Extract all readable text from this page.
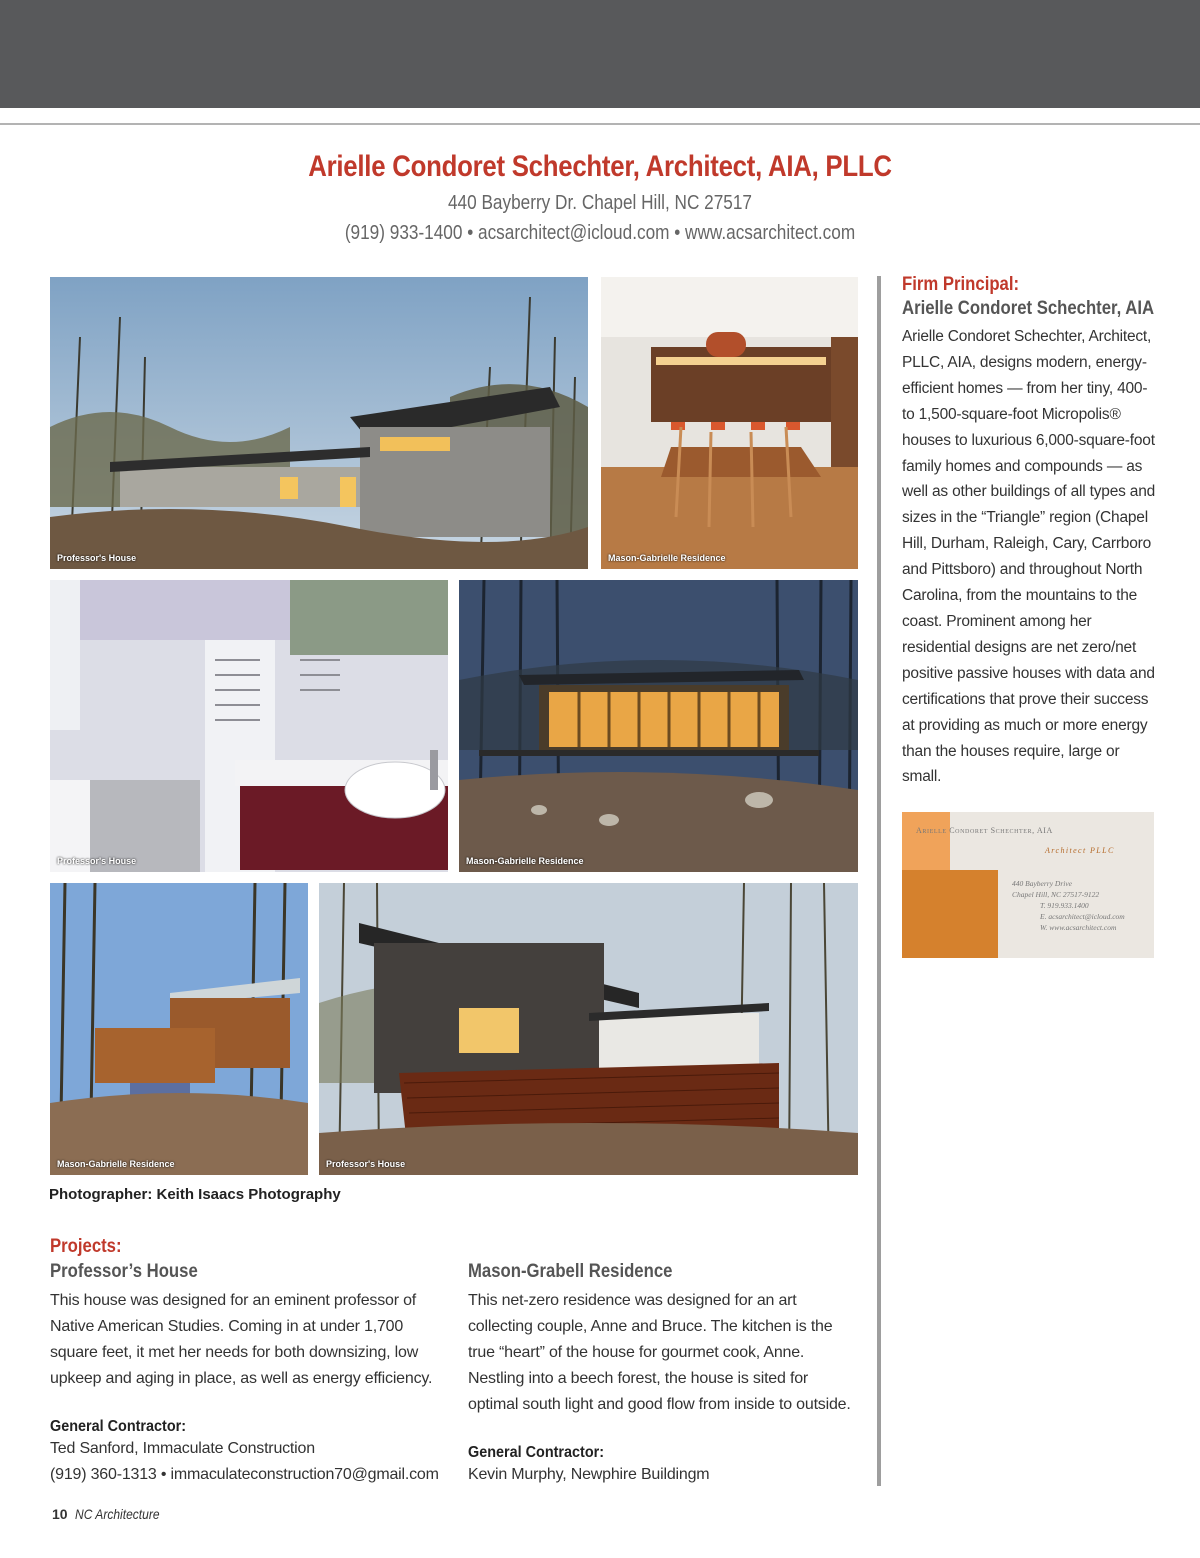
Arielle Condoret Schechter, Architect, AIA, PLLC
440 Bayberry Dr. Chapel Hill, NC 27517
(919) 933-1400 • acsarchitect@icloud.com • www.acsarchitect.com
Professor's House	Mason-Gabrielle Residence
Professor's House	Mason-Gabrielle Residence
Mason-Gabrielle Residence	Professor's House
Photographer: Keith Isaacs Photography
Firm Principal:
Arielle Condoret Schechter, AIA

Arielle Condoret Schechter, Architect, PLLC, AIA, designs modern, energy-efficient homes — from her tiny, 400- to 1,500-square-foot Micropolis® houses to luxurious 6,000-square-foot family homes and compounds — as well as other buildings of all types and sizes in the “Triangle” region (Chapel Hill, Durham, Raleigh, Cary, Carrboro and Pittsboro) and throughout North Carolina, from the mountains to the coast. Prominent among her residential designs are net zero/net positive passive houses with data and certifications that prove their success at providing as much or more energy than the houses require, large or small.

Arielle Condoret Schechter, AIA
Architect PLLC
440 Bayberry Drive
Chapel Hill, NC 27517-9122

T. 919.933.1400
E. acsarchitect@icloud.com
W. www.acsarchitect.com
Projects:
Professor’s House

This house was designed for an eminent professor of Native American Studies. Coming in at under 1,700 square feet, it met her needs for both downsizing, low upkeep and aging in place, as well as energy efficiency.

General Contractor:
Ted Sanford, Immaculate Construction
(919) 360-1313 • immaculateconstruction70@gmail.com
Mason-Grabell Residence

This net-zero residence was designed for an art collecting couple, Anne and Bruce. The kitchen is the true “heart” of the house for gourmet cook, Anne. Nestling into a beech forest, the house is sited for optimal south light and good flow from inside to outside.

General Contractor:
Kevin Murphy, Newphire Buildingm
10 NC Architecture
